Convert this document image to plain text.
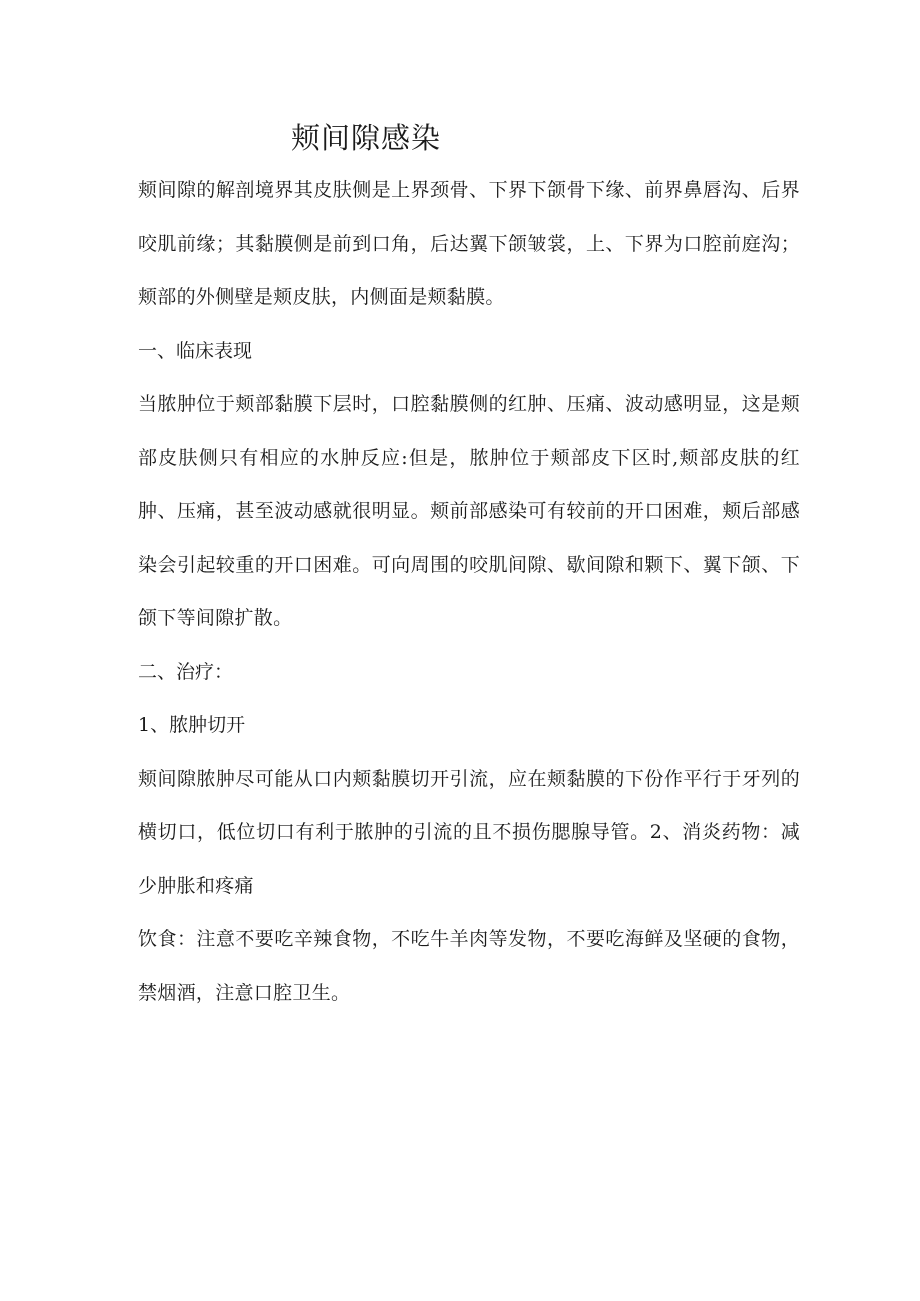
颊间隙感染

颊间隙的解剖境界其皮肤侧是上界颈骨、下界下颌骨下缘、前界鼻唇沟、后界咬肌前缘；其黏膜侧是前到口角，后达翼下颌皱裳，上、下界为口腔前庭沟；颊部的外侧壁是颊皮肤，内侧面是颊黏膜。

一、临床表现

当脓肿位于颊部黏膜下层时，口腔黏膜侧的红肿、压痛、波动感明显，这是颊部皮肤侧只有相应的水肿反应:但是，脓肿位于颊部皮下区时,颊部皮肤的红肿、压痛，甚至波动感就很明显。颊前部感染可有较前的开口困难，颊后部感染会引起较重的开口困难。可向周围的咬肌间隙、歇间隙和颗下、翼下颌、下颌下等间隙扩散。

二、治疗：

1、脓肿切开

颊间隙脓肿尽可能从口内颊黏膜切开引流，应在颊黏膜的下份作平行于牙列的横切口，低位切口有利于脓肿的引流的且不损伤腮腺导管。2、消炎药物：减少肿胀和疼痛

饮食：注意不要吃辛辣食物，不吃牛羊肉等发物，不要吃海鲜及坚硬的食物，禁烟酒，注意口腔卫生。
